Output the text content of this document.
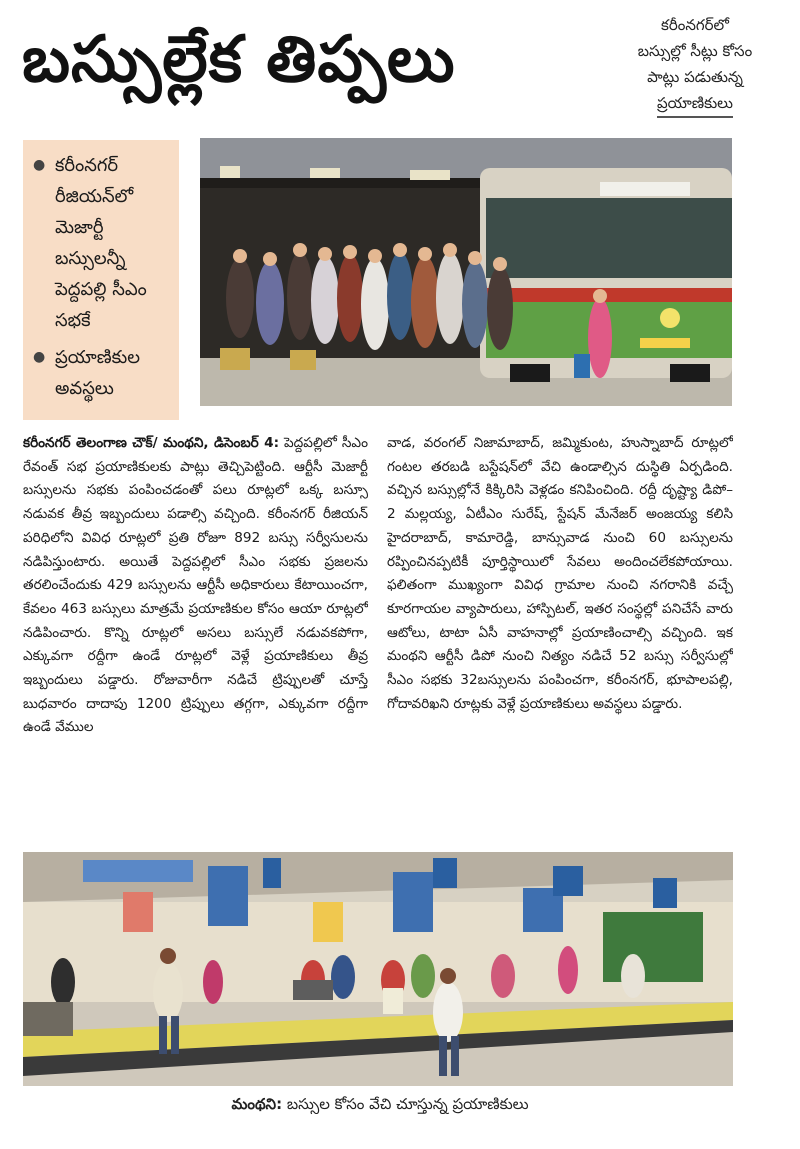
బస్సుల్లేక తిప్పలు	కరీంనగర్‌లో
బస్సుల్లో సీట్లు కోసం
పాట్లు పడుతున్న
ప్రయాణికులు
● కరీంనగర్ రీజియన్‌లో మెజార్టీ బస్సులన్నీ పెద్దపల్లి సీఎం సభకే
● ప్రయాణికుల అవస్థలు
కరీంనగర్ తెలంగాణ చౌక్/ మంథని, డిసెంబర్ 4: పెద్దపల్లిలో సీఎం రేవంత్ సభ ప్రయాణికులకు పాట్లు తెచ్చిపెట్టింది. ఆర్టీసీ మెజార్టీ బస్సులను సభకు పంపించడంతో పలు రూట్లలో ఒక్క బస్సూ నడువక తీవ్ర ఇబ్బందులు పడాల్సి వచ్చింది. కరీంనగర్ రీజియన్ పరిధిలోని వివిధ రూట్లలో ప్రతి రోజూ 892 బస్సు సర్వీసులను నడిపిస్తుంటారు. అయితే పెద్దపల్లిలో సీఎం సభకు ప్రజలను తరలించేందుకు 429 బస్సులను ఆర్టీసీ అధికారులు కేటాయించగా, కేవలం 463 బస్సులు మాత్రమే ప్రయాణికుల కోసం ఆయా రూట్లలో నడిపించారు. కొన్ని రూట్లలో అసలు బస్సులే నడువకపోగా, ఎక్కువగా రద్దీగా ఉండే రూట్లలో వెళ్లే ప్రయాణికులు తీవ్ర ఇబ్బందులు పడ్డారు. రోజువారీగా నడిచే ట్రిప్పులతో చూస్తే బుధవారం దాదాపు 1200 ట్రిప్పులు తగ్గగా, ఎక్కువగా రద్దీగా ఉండే వేముల
వాడ, వరంగల్ నిజామాబాద్, జమ్మికుంట, హుస్నాబాద్ రూట్లలో గంటల తరబడి బస్టేషన్‌లో వేచి ఉండాల్సిన దుస్థితి ఏర్పడింది. వచ్చిన బస్సుల్లోనే కిక్కిరిసి వెళ్లడం కనిపించింది. రద్దీ దృష్ట్యా డిపో–2 మల్లయ్య, ఏటీఎం సురేష్, స్టేషన్ మేనేజర్ అంజయ్య కలిసి హైదరాబాద్, కామారెడ్డి, బాన్సువాడ నుంచి 60 బస్సులను రప్పించినప్పటికీ పూర్తిస్థాయిలో సేవలు అందించలేకపోయాయి. ఫలితంగా ముఖ్యంగా వివిధ గ్రామాల నుంచి నగరానికి వచ్చే కూరగాయల వ్యాపారులు, హాస్పిటల్, ఇతర సంస్థల్లో పనిచేసే వారు ఆటోలు, టాటా ఏసీ వాహనాల్లో ప్రయాణించాల్సి వచ్చింది. ఇక మంథని ఆర్టీసీ డిపో నుంచి నిత్యం నడిచే 52 బస్సు సర్వీసుల్లో సీఎం సభకు 32బస్సులను పంపించగా, కరీంనగర్, భూపాలపల్లి, గోదావరిఖని రూట్లకు వెళ్లే ప్రయాణికులు అవస్థలు పడ్డారు.
మంథని: బస్సుల కోసం వేచి చూస్తున్న ప్రయాణికులు
